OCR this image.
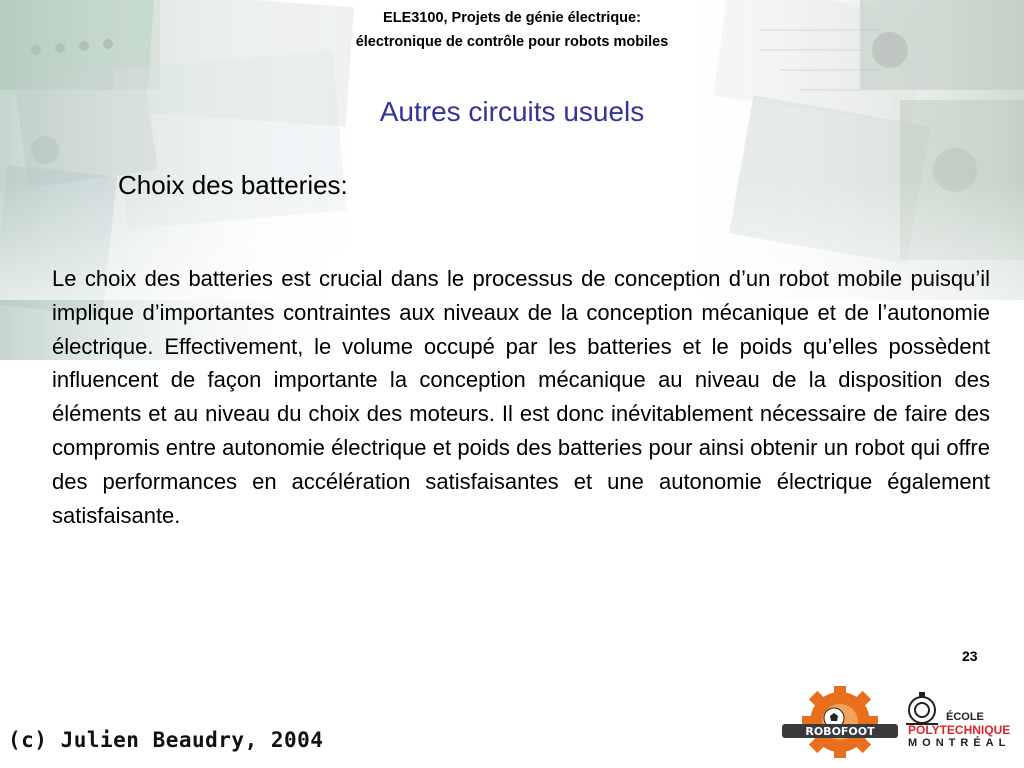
ELE3100, Projets de génie électrique:
électronique de contrôle pour robots mobiles
Autres circuits usuels
Choix des batteries:
Le choix des batteries est crucial dans le processus de conception d’un robot mobile puisqu’il implique d’importantes contraintes aux niveaux de la conception mécanique et de l’autonomie électrique. Effectivement, le volume occupé par les batteries et le poids qu’elles possèdent influencent de façon importante la conception mécanique au niveau de la disposition des éléments et au niveau du choix des moteurs. Il est donc inévitablement nécessaire de faire des compromis entre autonomie électrique et poids des batteries pour ainsi obtenir un robot qui offre des performances en accélération satisfaisantes et une autonomie électrique également satisfaisante.
23
(c) Julien Beaudry, 2004	ROBOFOOT
ÉCOLE
POLYTECHNIQUE
MONTRÉAL
